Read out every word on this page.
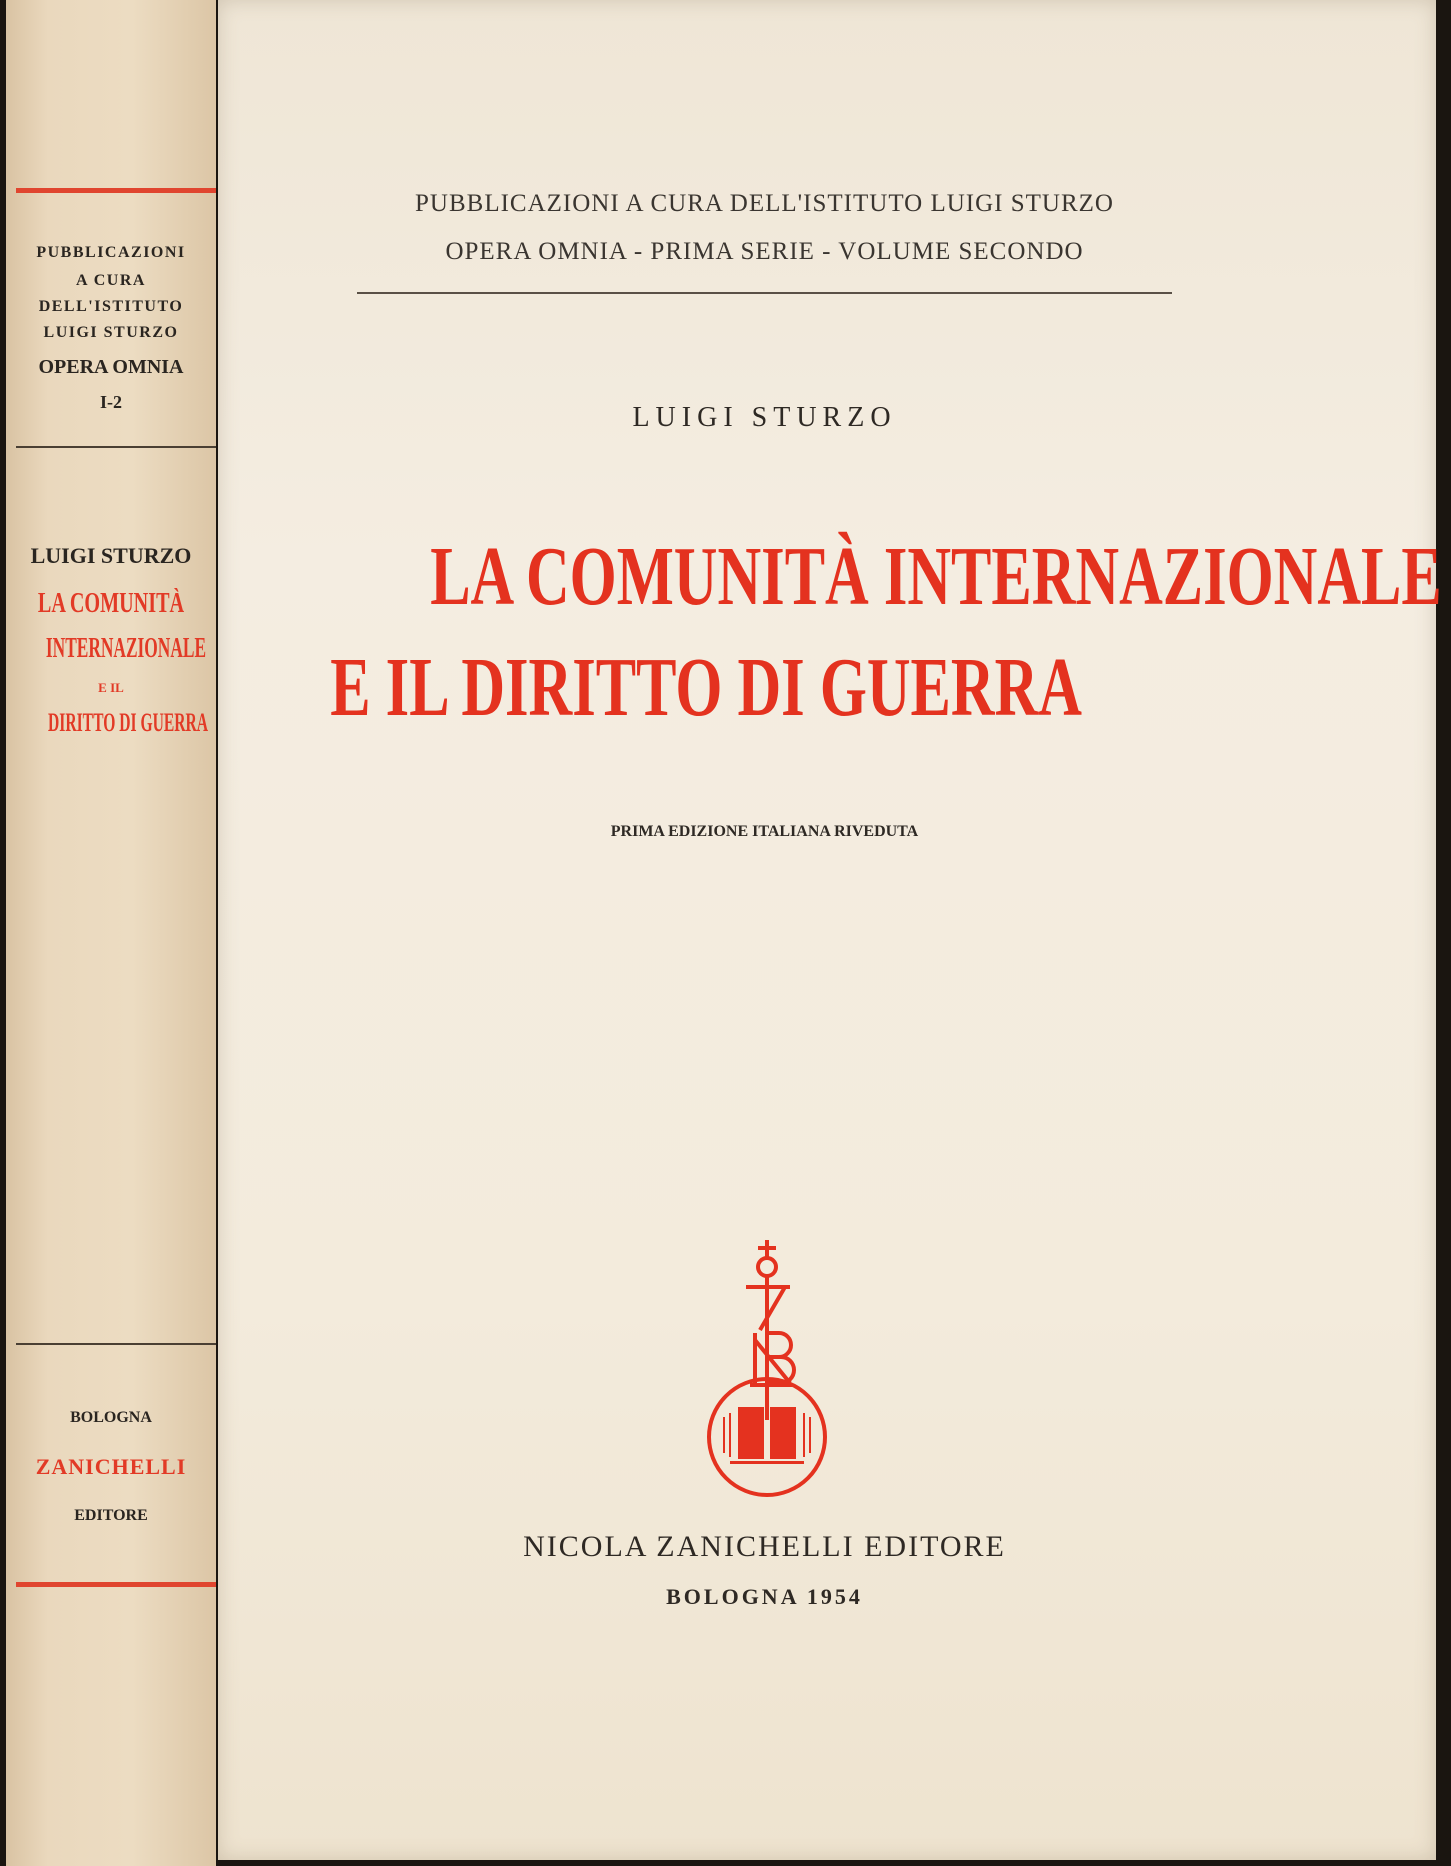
PUBBLICAZIONI
A CURA
DELL'ISTITUTO
LUIGI STURZO
OPERA OMNIA
I-2
LUIGI STURZO
LA COMUNITÀ
INTERNAZIONALE
E IL
DIRITTO DI GUERRA
BOLOGNA
ZANICHELLI
EDITORE
PUBBLICAZIONI A CURA DELL'ISTITUTO LUIGI STURZO
OPERA OMNIA - PRIMA SERIE - VOLUME SECONDO
LUIGI STURZO
LA COMUNITÀ INTERNAZIONALE
E IL DIRITTO DI GUERRA
PRIMA EDIZIONE ITALIANA RIVEDUTA
NICOLA ZANICHELLI EDITORE
BOLOGNA 1954
